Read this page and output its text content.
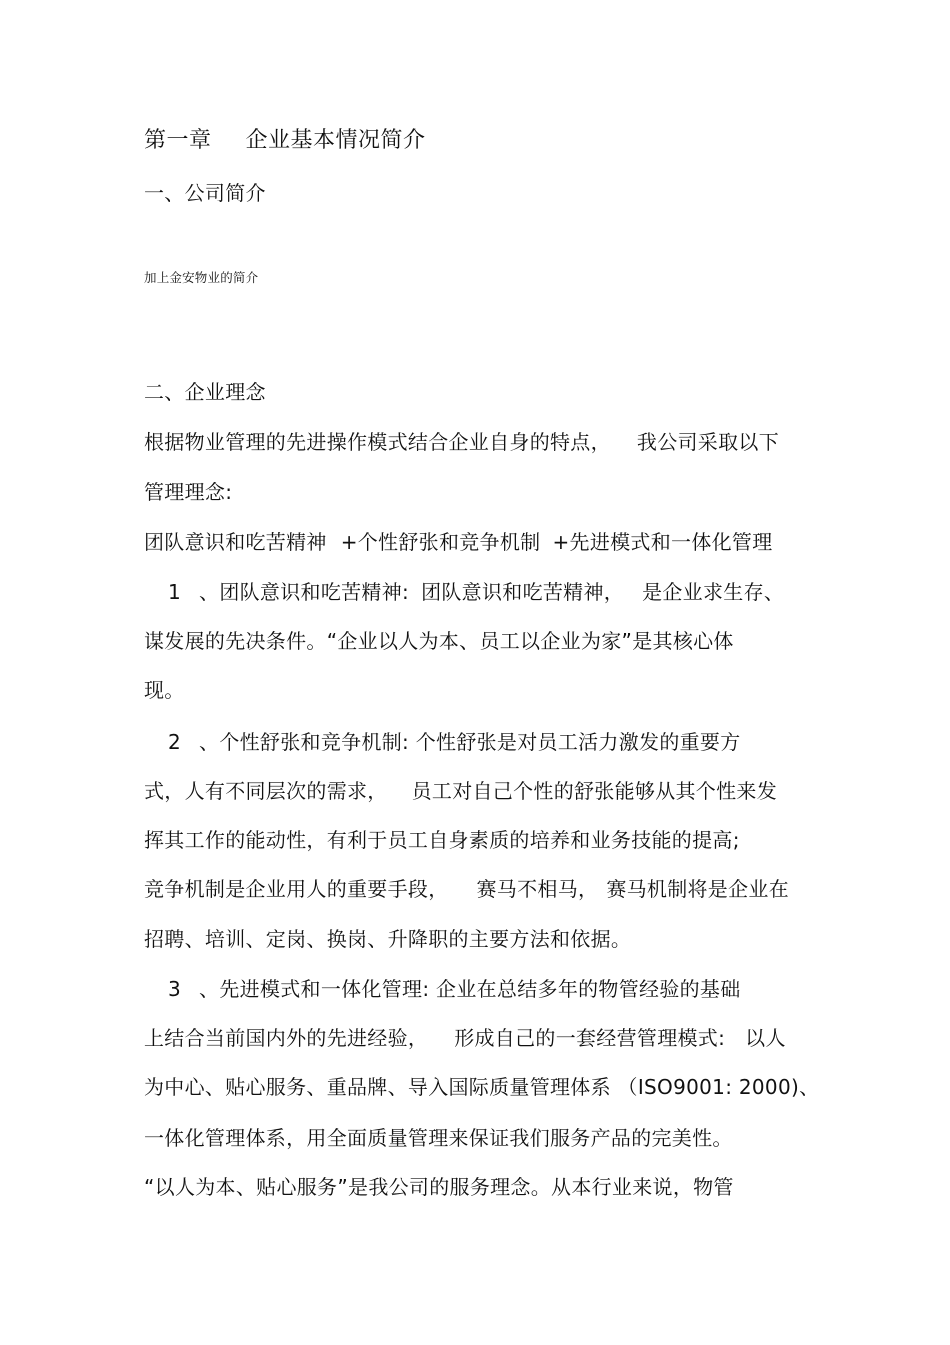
第一章 企业基本情况简介
一、公司简介
加上金安物业的简介
二、企业理念
根据物业管理的先进操作模式结合企业自身的特点， 我公司采取以下
管理理念:
团队意识和吃苦精神 +个性舒张和竞争机制 +先进模式和一体化管理
1 、团队意识和吃苦精神: 团队意识和吃苦精神， 是企业求生存、
谋发展的先决条件。“企业以人为本、员工以企业为家”是其核心体
现。
2 、个性舒张和竞争机制: 个性舒张是对员工活力激发的重要方
式，人有不同层次的需求， 员工对自己个性的舒张能够从其个性来发
挥其工作的能动性，有利于员工自身素质的培养和业务技能的提高;
竞争机制是企业用人的重要手段， 赛马不相马， 赛马机制将是企业在
招聘、培训、定岗、换岗、升降职的主要方法和依据。
3 、先进模式和一体化管理: 企业在总结多年的物管经验的基础
上结合当前国内外的先进经验， 形成自己的一套经营管理模式: 以人
为中心、贴心服务、重品牌、导入国际质量管理体系 （ISO9001: 2000)、
一体化管理体系，用全面质量管理来保证我们服务产品的完美性。
“以人为本、贴心服务”是我公司的服务理念。从本行业来说，物管
